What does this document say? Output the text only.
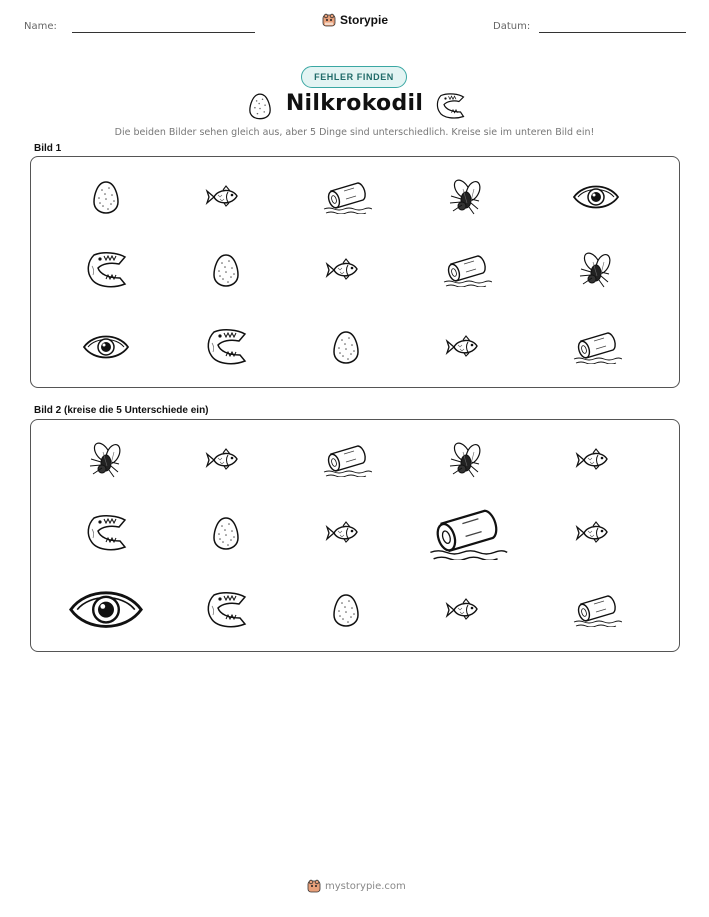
Name:	Storypie	Datum:
FEHLER FINDEN
Nilkrokodil
Die beiden Bilder sehen gleich aus, aber 5 Dinge sind unterschiedlich. Kreise sie im unteren Bild ein!
Bild 1
Bild 2 (kreise die 5 Unterschiede ein)
mystorypie.com
